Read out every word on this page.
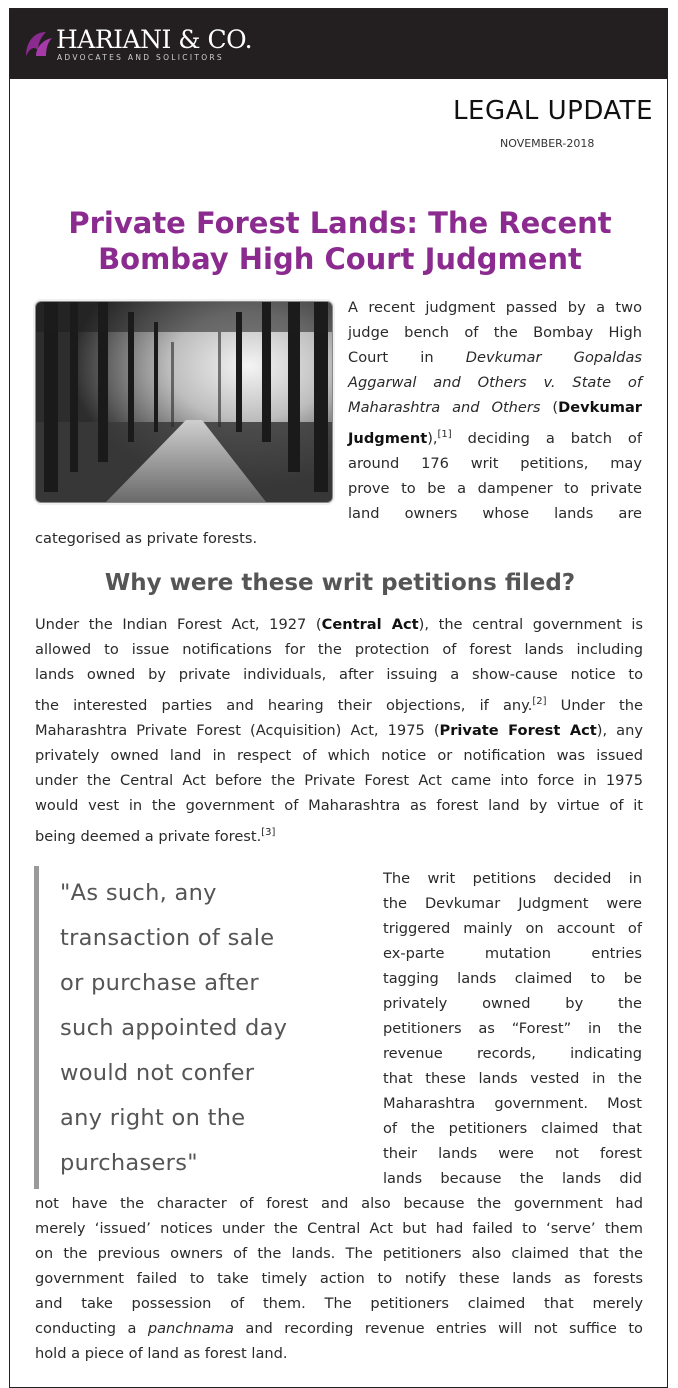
HARIANI & CO.
ADVOCATES AND SOLICITORS
LEGAL UPDATE
NOVEMBER-2018
Private Forest Lands: The Recent
Bombay High Court Judgment
A recent judgment passed by a two
judge bench of the Bombay High
Court in Devkumar Gopaldas
Aggarwal and Others v. State of
Maharashtra and Others (Devkumar
Judgment),[1] deciding a batch of
around 176 writ petitions, may
prove to be a dampener to private
land owners whose lands are
categorised as private forests.
Why were these writ petitions filed?
Under the Indian Forest Act, 1927 (Central Act), the central government is
allowed to issue notifications for the protection of forest lands including
lands owned by private individuals, after issuing a show-cause notice to
the interested parties and hearing their objections, if any.[2] Under the
Maharashtra Private Forest (Acquisition) Act, 1975 (Private Forest Act), any
privately owned land in respect of which notice or notification was issued
under the Central Act before the Private Forest Act came into force in 1975
would vest in the government of Maharashtra as forest land by virtue of it
being deemed a private forest.[3]
"As such, any
transaction of sale
or purchase after
such appointed day
would not confer
any right on the
purchasers"
The writ petitions decided in
the Devkumar Judgment were
triggered mainly on account of
ex-parte mutation entries
tagging lands claimed to be
privately owned by the
petitioners as “Forest” in the
revenue records, indicating
that these lands vested in the
Maharashtra government. Most
of the petitioners claimed that
their lands were not forest
lands because the lands did
not have the character of forest and also because the government had
merely ‘issued’ notices under the Central Act but had failed to ‘serve’ them
on the previous owners of the lands. The petitioners also claimed that the
government failed to take timely action to notify these lands as forests
and take possession of them. The petitioners claimed that merely
conducting a panchnama and recording revenue entries will not suffice to
hold a piece of land as forest land.
